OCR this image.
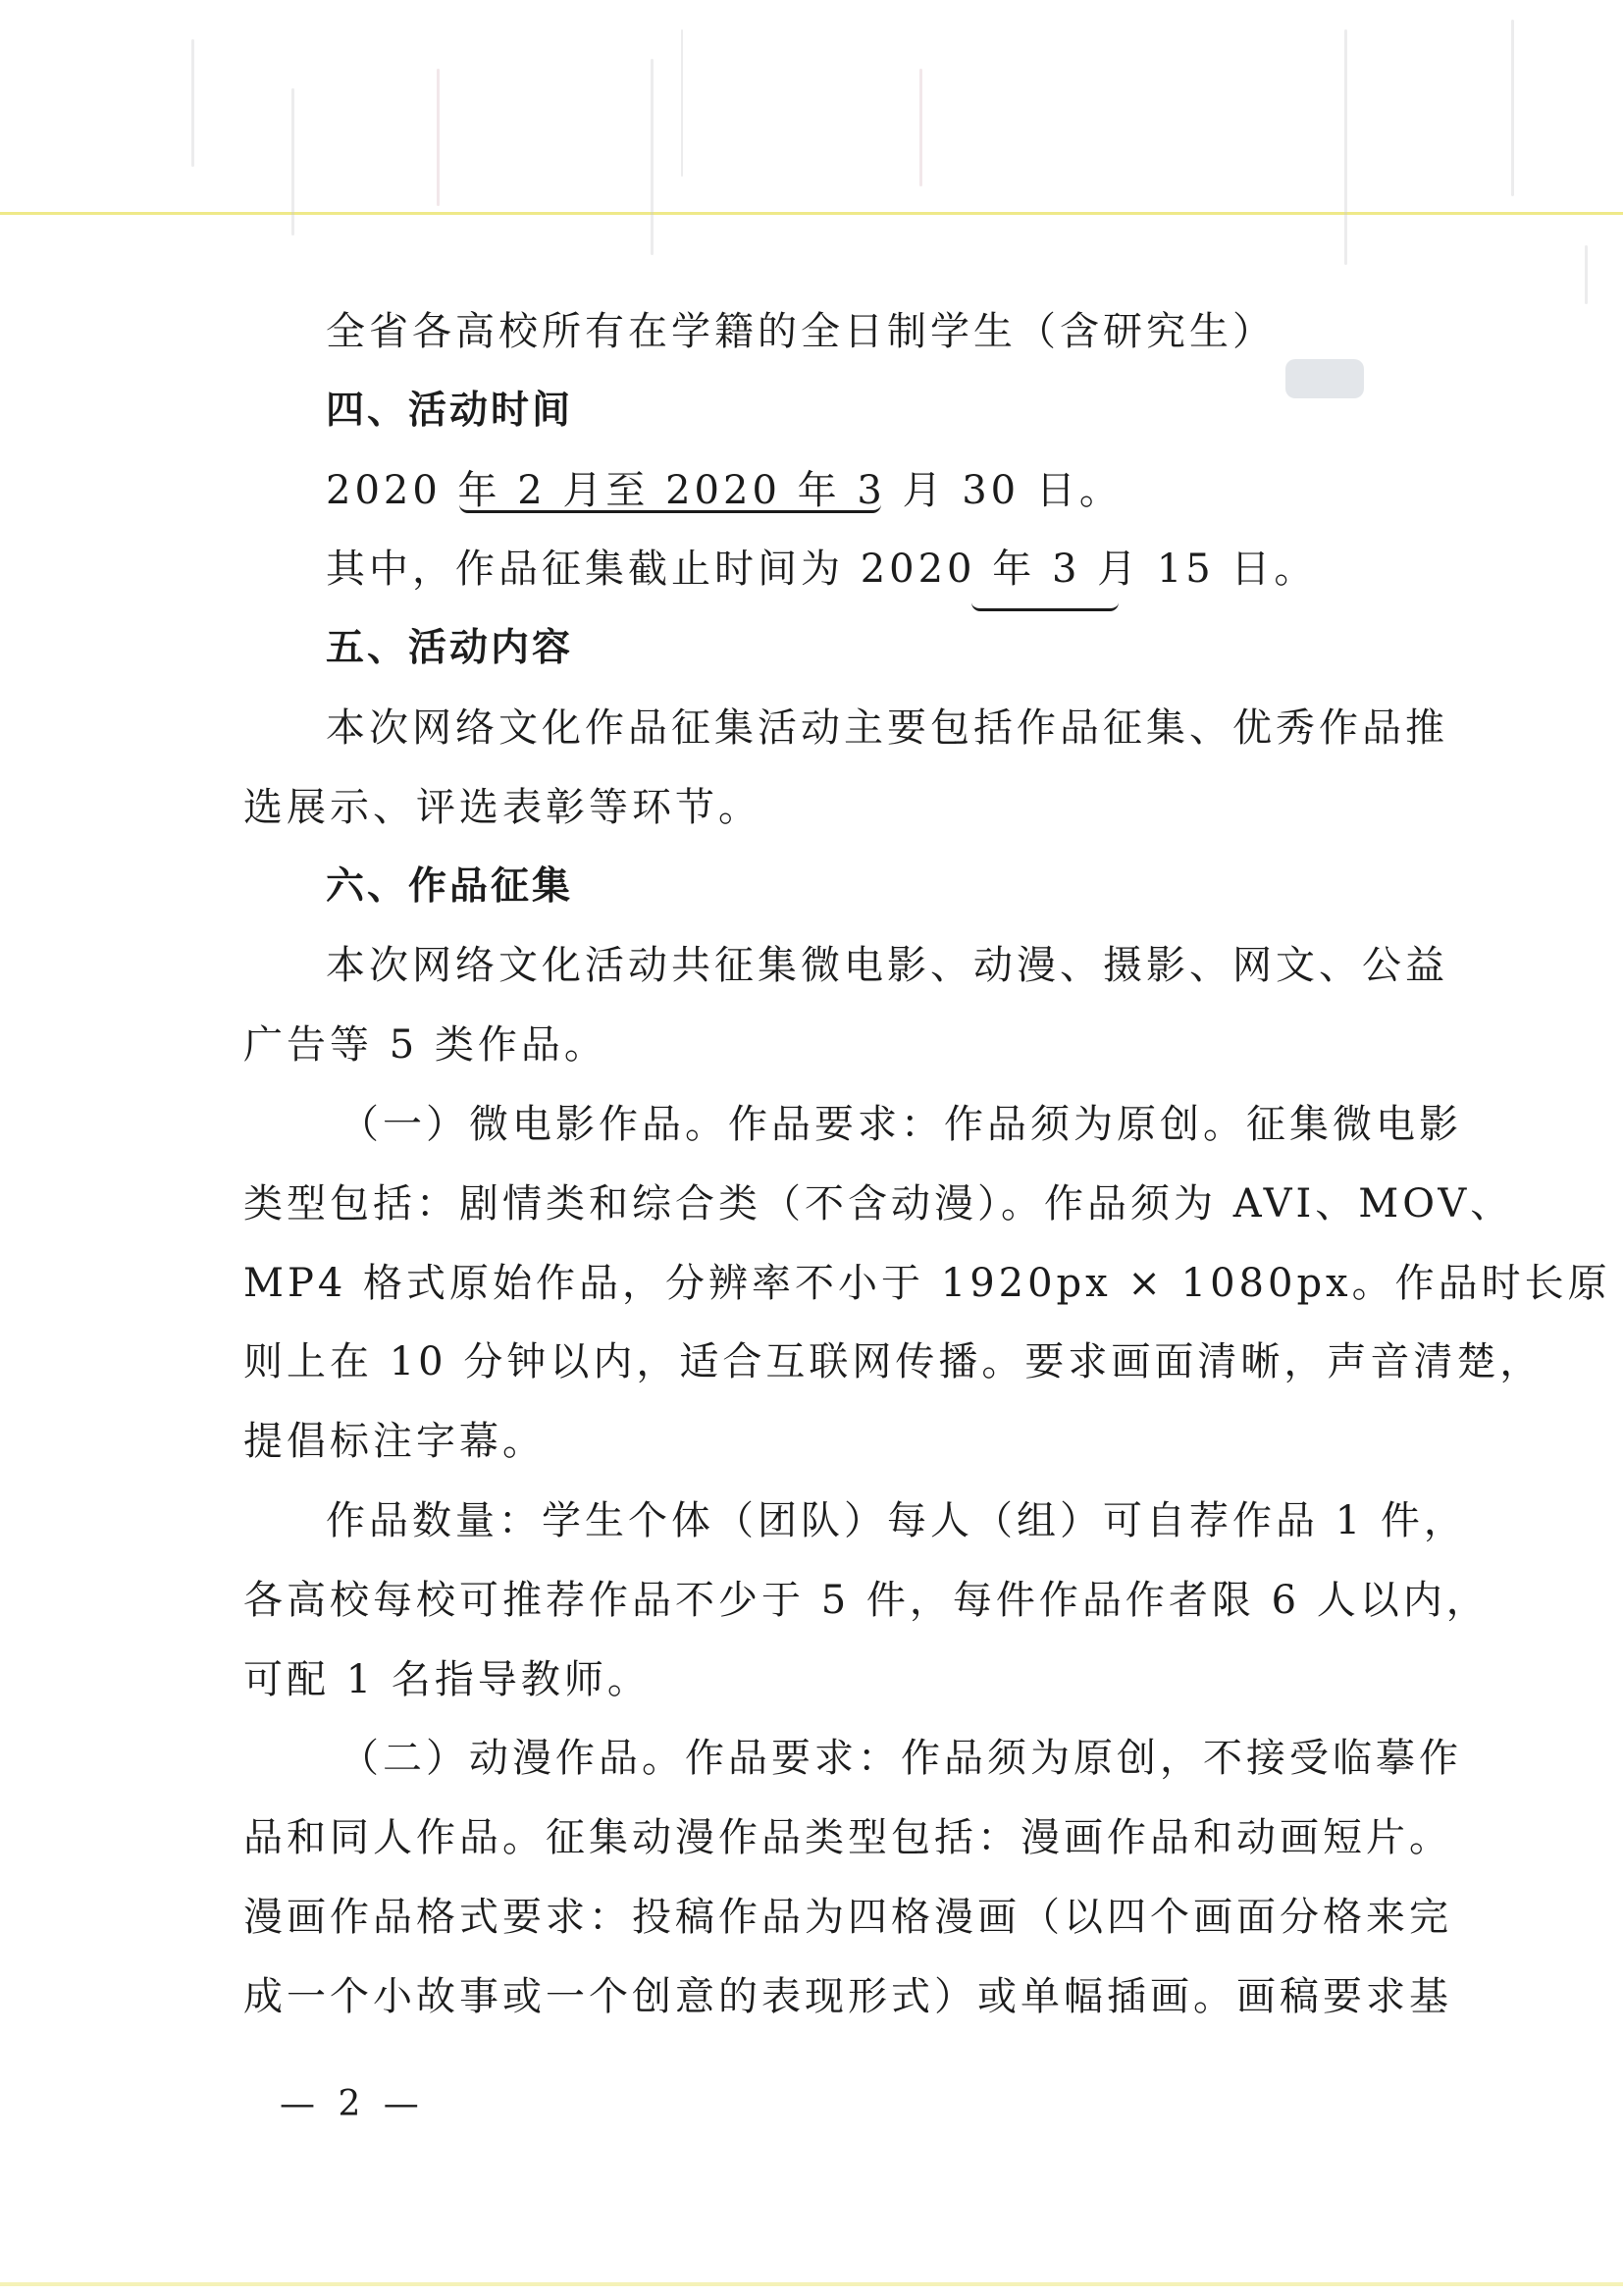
全省各高校所有在学籍的全日制学生（含研究生）
四、活动时间
2020 年 2 月至 2020 年 3 月 30 日。
其中，作品征集截止时间为 2020 年 3 月 15 日。
五、活动内容
本次网络文化作品征集活动主要包括作品征集、优秀作品推
选展示、评选表彰等环节。
六、作品征集
本次网络文化活动共征集微电影、动漫、摄影、网文、公益
广告等 5 类作品。
（一）微电影作品。作品要求：作品须为原创。征集微电影
类型包括：剧情类和综合类（不含动漫）。作品须为 AVI、MOV、
MP4 格式原始作品，分辨率不小于 1920px × 1080px。作品时长原
则上在 10 分钟以内，适合互联网传播。要求画面清晰，声音清楚，
提倡标注字幕。
作品数量：学生个体（团队）每人（组）可自荐作品 1 件，
各高校每校可推荐作品不少于 5 件，每件作品作者限 6 人以内，
可配 1 名指导教师。
（二）动漫作品。作品要求：作品须为原创，不接受临摹作
品和同人作品。征集动漫作品类型包括：漫画作品和动画短片。
漫画作品格式要求：投稿作品为四格漫画（以四个画面分格来完
成一个小故事或一个创意的表现形式）或单幅插画。画稿要求基
— 2 —
